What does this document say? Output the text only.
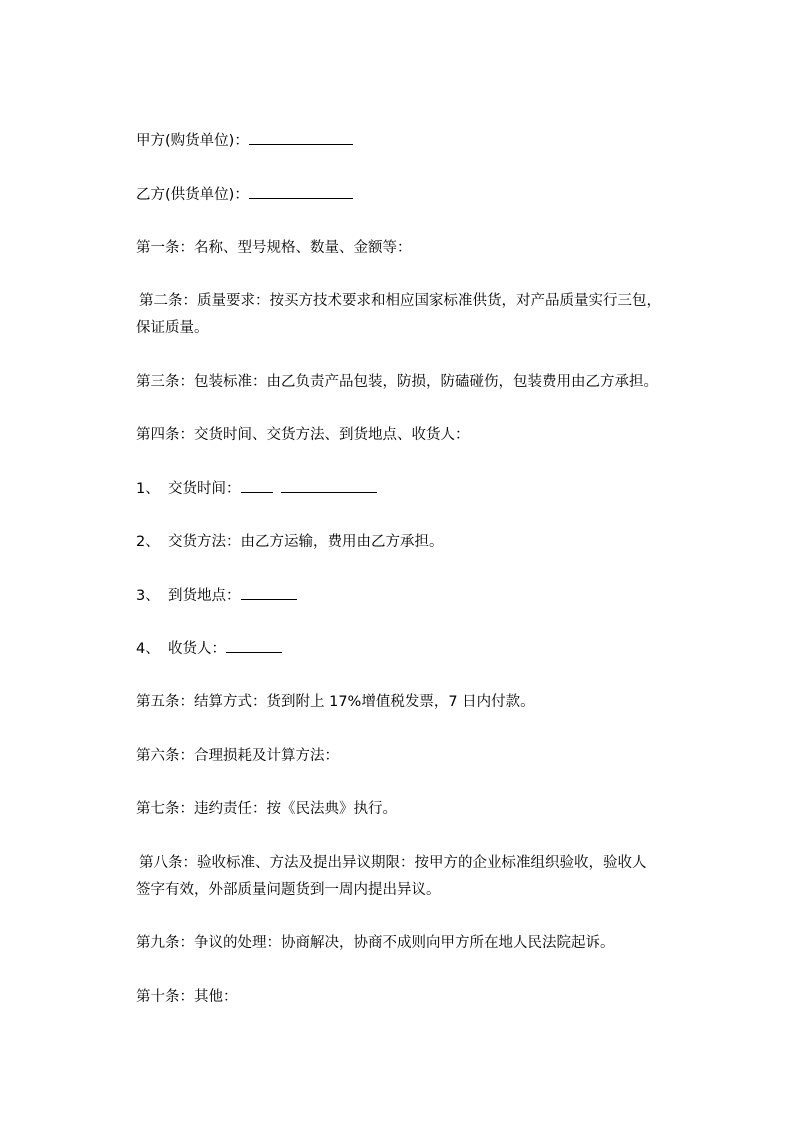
甲方(购货单位)：
乙方(供货单位)：
第一条：名称、型号规格、数量、金额等：
第二条：质量要求：按买方技术要求和相应国家标准供货，对产品质量实行三包，
保证质量。
第三条：包装标准：由乙负责产品包装，防损，防磕碰伤，包装费用由乙方承担。
第四条：交货时间、交货方法、到货地点、收货人：
1、 交货时间：
2、 交货方法：由乙方运输，费用由乙方承担。
3、 到货地点：
4、 收货人：
第五条：结算方式：货到附上 17%增值税发票，7 日内付款。
第六条：合理损耗及计算方法：
第七条：违约责任：按《民法典》执行。
第八条：验收标准、方法及提出异议期限：按甲方的企业标准组织验收，验收人
签字有效，外部质量问题货到一周内提出异议。
第九条：争议的处理：协商解决，协商不成则向甲方所在地人民法院起诉。
第十条：其他：
